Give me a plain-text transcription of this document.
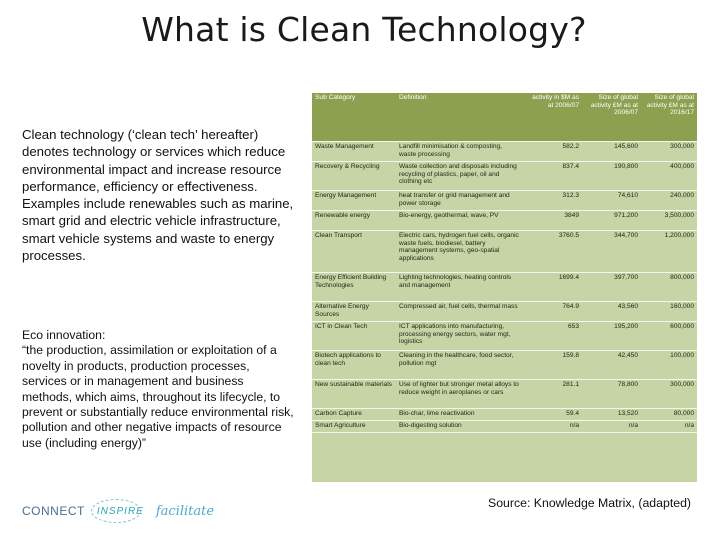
What is Clean Technology?
Clean technology (‘clean tech’ hereafter) denotes technology or services which reduce environmental impact and increase resource performance, efficiency or effectiveness. Examples include renewables such as marine, smart grid and electric vehicle infrastructure, smart vehicle systems and waste to energy processes.
Eco innovation:
“the production, assimilation or exploitation of a novelty in products, production processes, services or in management and business methods, which aims, throughout its lifecycle, to prevent or substantially reduce environmental risk, pollution and other negative impacts of resource use (including energy)”
Sub Category	Definition	activity in $M as at 2006/07	Size of global activity £M as at 2006/07	Size of global activity £M as at 2016/17
Waste Management	Landfill minimisation & composting, waste processing	582.2	145,600	300,000
Recovery & Recycling	Waste collection and disposals including recycling of plastics, paper, oil and clothing etc	837.4	190,800	400,000
Energy Management	heat transfer or grid management and power storage	312.3	74,610	240,000
Renewable energy	Bio-energy, geothermal, wave, PV	3849	971,200	3,500,000
Clean Transport	Electric cars, hydrogen fuel cells, organic waste fuels, biodiesel, battery management systems, geo-spatial applications	3760.5	344,700	1,200,000
Energy Efficient Building Technologies	Lighting technologies, heating controls and management	1699.4	397,700	800,000
Alternative Energy Sources	Compressed air, fuel cells, thermal mass	764.9	43,560	160,000
ICT in Clean Tech	ICT applications into manufacturing, processing energy sectors, water mgt, logistics	653	195,200	600,000
Biotech applications to clean tech	Cleaning in the healthcare, food sector, pollution mgt	159.8	42,450	100,000
New sustainable materials	Use of lighter but stronger metal alloys to reduce weight in aeroplanes or cars	281.1	78,800	300,000
Carbon Capture	Bio-char, lime reactivation	59.4	13,520	80,000
Smart Agriculture	Bio-digesting solution	n/a	n/a	n/a
Source: Knowledge Matrix, (adapted)
CONNECT INSPIRE facilitate
